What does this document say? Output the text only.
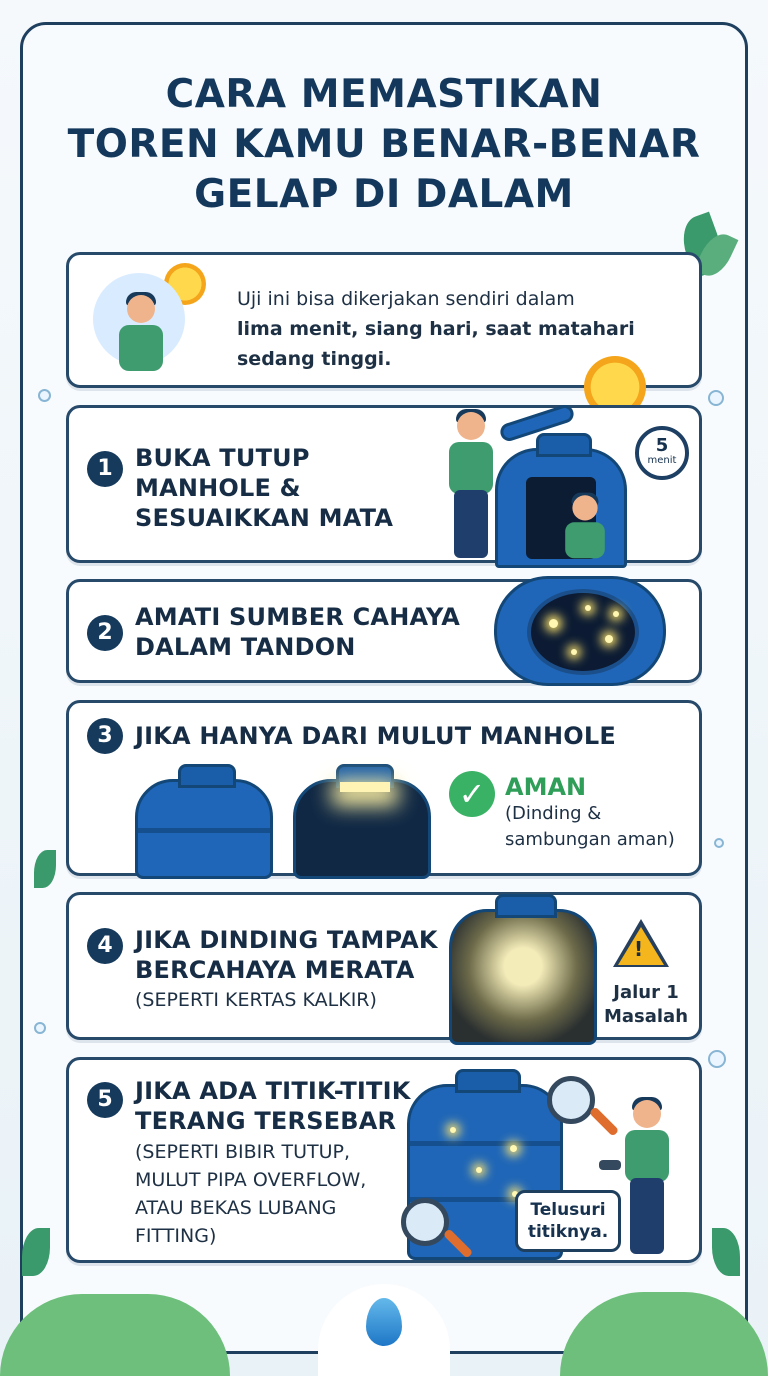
CARA MEMASTIKAN
TOREN KAMU BENAR-BENAR
GELAP DI DALAM
Uji ini bisa dikerjakan sendiri dalam
lima menit, siang hari, saat matahari
sedang tinggi.
1 BUKA TUTUP
MANHOLE &
SESUAIKKAN MATA
5
menit
2
AMATI SUMBER CAHAYA
DALAM TANDON
3 JIKA HANYA DARI MULUT MANHOLE
✓ AMAN
(Dinding &
sambungan aman)
4 JIKA DINDING TAMPAK
BERCAHAYA MERATA
(SEPERTI KERTAS KALKIR)
!
Jalur 1
Masalah
5 JIKA ADA TITIK-TITIK
TERANG TERSEBAR
(SEPERTI BIBIR TUTUP,
MULUT PIPA OVERFLOW,
ATAU BEKAS LUBANG
FITTING)
Telusuri
titiknya.
